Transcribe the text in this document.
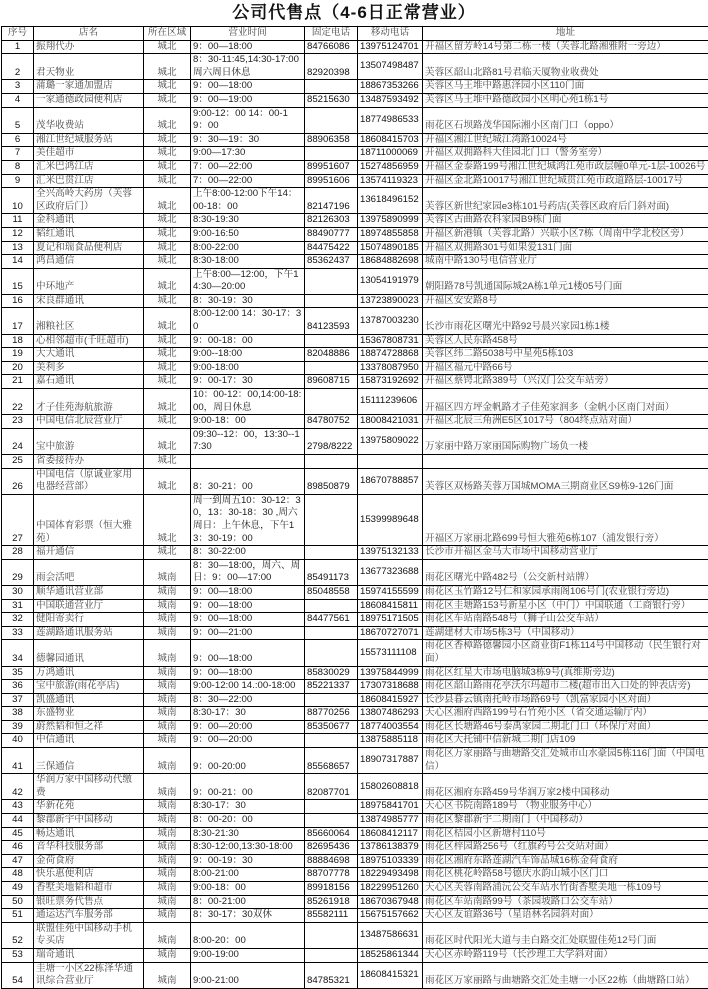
公司代售点（4-6日正常营业）
序号	店名	所在区域	营业时间	固定电话	移动电话	地址
1	振翔代办	城北	9：00—18:00	84766086	13975124701	开福区留芳岭14号第二栋一楼（芙蓉北路湘雅附一旁边）
2	君天物业	城北	8：30-11:45,14:30-17:00 周六周日休息	82920398	13507498487	芙蓉区韶山北路81号君临天厦物业收费处
3	蒲璐一家通加盟店	城北	9：00—18:00		18867353266	芙蓉区马王堆中路惠泽园小区110门面
4	一家通德政园便利店	城北	9：00—19:00	85215630	13487593492	芙蓉区马王堆中路德政园小区明心苑1栋1号
5	茂华收费站	城北	9:00-12：00 14：00-19：00		18774986533	雨花区石坝路茂华国际湘小区南门口（oppo）
6	湘江世纪城服务站	城北	9：30—19：30	88906358	18608415703	开福区湘江世纪城江湾路10024号
7	美佳超市	城北	9:00—17:30		18711000069	开福区双拥路科大佳园北门口（警务室旁）
8	汇米巴鸿江店	城北	7：00—22:00	89951607	15274856959	开福区金泰路199号湘江世纪城鸿江苑市政层幢0单元-1层-10026号
9	汇米巴贯江店	城北	7：00—22:00	89951606	13574119323	开福区金北路10017号湘江世纪城贯江苑市政道路层-10017号
10	全兴高岭大药房（芙蓉区政府后门）	城北	上午8:00-12:00下午14：00-18：00	82147196	13618496152	芙蓉区新世纪家园e3栋101号药店(芙蓉区政府后门斜对面)
11	金科通讯	城北	8:30-19:30	82126303	13975890999	芙蓉区古曲路农科家园B9栋门面
12	韬红通讯	城北	9:00-16:50	88490777	18974855858	开福区新港镇（芙蓉北路）兴联小区7栋（周南中学北校区旁）
13	夏记和瑞食品便利店	城北	8:00-22:00	84475422	15074890185	开福区双拥路301号如果爱131门面
14	鸿昌通信	城北	8:30-18:00	85362437	18684882698	城南中路130号电信营业厅
15	中环地产	城北	上午8:00—12:00，下午14:30—20:00		13054191979	朝阳路78号凯通国际城2A栋1单元1楼05号门面
16	宋良群通讯	城北	8：30-19：30		13723890023	开福区安安路8号
17	湘粮社区	城北	8:00-12:00 14：30-17：30	84123593	13787003230	长沙市雨花区曙光中路92号晨兴家园1栋1楼
18	心相邻超市(千旺超市)	城北	9：00-18：00		15367808731	芙蓉区人民东路458号
19	大大通讯	城北	9:00--18:00	82048886	18874728868	芙蓉区纬二路5038号中星苑5栋103
20	美利多	城北	9:00-18:00		13378087950	开福区福元中路66号
21	嘉石通讯	城北	9：00-17：30	89608715	15873192692	开福区蔡锷北路389号（兴汉门公交车站旁）
22	才子佳苑海航旅游	城北	10：00-12：00,14:00-18:00，周日休息		15111239606	开福区四方坪金帆路才子佳苑家润多（金帆小区南门对面）
23	中国电信北辰营业厅	城北	9:00-18：00	84780752	18008421031	开福区北辰三角洲E5区1017号（804终点站对面）
24	宝中旅游	城北	09:30--12：00，13:30--17:30	2798/8222	13975809022	万家丽中路万家丽国际购物广场负一楼
25	省委接待办	城北				
26	中国电信（原诚业家用电器经营部）	城北	8：30-21：00	89850879	18670788857	芙蓉区双杨路芙蓉万国城MOMA三期商业区S9栋9-126门面
27	中国体育彩票（恒大雅苑）	城北	周一到周五10：30-12：30，13：30-18：30 ,周六周日：上午休息，下午13：30-19：00		15399989648	开福区万家丽北路699号恒大雅苑6栋107（浦发银行旁）
28	福开通信	城北	8：30-22:00		13975132133	长沙市开福区金马大市场中国移动营业厅
29	雨会活吧	城南	8：30—18:00，周六、周日：9：00—17:00	85491173	13677323688	雨花区曙光中路482号（公交新村站牌）
30	顺华通讯营业部	城南	9：00—18:00	85048558	15974155599	雨花区玉竹路12号仁和家园承雨阁106号门(农业银行旁边)
31	中国联通营业厅	城南	9：00—18:00		18608415811	雨花区圭塘路153号新星小区（中门）中国联通（工商银行旁）
32	健阳寄卖行	城南	9：00—18:00	84477561	18975171505	雨花区车站南路548号（狮子山公交车站）
33	莲湖路通讯服务站	城南	9：00—21:00		18670727071	莲湖建材大市场5栋3号（中国移动）
34	德馨园通讯	城南	9：00—18:00		15573111108	雨花区香樟路德馨园小区商业街F1栋114号中国移动（民生银行对面）
35	万鸿通讯	城南	9：00—18:00	85830029	13975844999	雨花区红星大市场电脑城3栋9号(真维斯旁边)
36	宝中旅游(雨花亭店)	城南	9:00-12:00 14.:00-18:00	85221337	17307318688	雨花区韶山路雨花亭沃尔玛超市二楼(超市出入口处的钟表店旁)
37	凯盛通讯	城南	8：30—22:00		18608415927	长沙县暮云镇南托岭市场路69号（凯富家园小区对面）
38	东盛物业	城南	8:30-17：30	88770256	13807486293	天心区湘府西路199号石竹苑小区（省交通运输厅内）
39	蔚然韬和恒之祥	城南	9：00—20:00	85350677	18774003554	雨花区长塘路46号泰禹家园二期北门口（环保厅对面）
40	中信通讯	城南	9：00—20:00		13875885118	雨花区大托铺中信新城二期门店109
41	三保通信	城南	9：00-20:00	85568657	18907317887	雨花区万家丽路与曲塘路交汇处城市山水豪园5栋116门面（中国电信）
42	华润万家中国移动代缴费	城南	9：00-21：00	82087701	15802608818	雨花区湘府东路459号华润万家2楼中国移动
43	华新花苑	城南	8:30-17：30		18975841701	天心区书院南路189号 （物业服务中心）
44	黎郡新宇中国移动	城南	8：00-20：00		13874985777	雨花区黎郡新宇二期南门（中国移动）
45	畅达通讯	城南	8:30-21:30	85660064	18608412117	雨花区桔园小区新塘村110号
46	音华科技服务部	城南	8:30-12:00,13:30-18:00	82695436	13786138379	雨花区梓园路256号（红旗药号公交站对面）
47	金荷食府	城南	9：00-19：30	88884698	18975103339	雨花区湘府东路莲湖汽车饰品城16栋金荷食府
48	快乐惠便利店	城南	8:00-21:00	88707778	18229493498	雨花区桃花岭路58号德庆水韵山城小区门口
49	香墅美地韬和超市	城南	9:00-18：00	89918156	18229951260	天心区芙蓉南路浦沅公交车站水竹街香墅美地一栋109号
50	银旺票务代售点	城南	8：00-21:00	85261918	18670367948	雨花区车站南路99号（茶园坡路口公交车站）
51	通运达汽车服务部	城南	8：30-17：30双休	85582111	15675157662	天心区友谊路36号（星语林名园斜对面）
52	联盟佳苑中国移动手机专买店	城南	8:00-20：00		13487586631	雨花区时代阳光大道与圭白路交汇处联盟佳苑12号门面
53	瑞奇通讯	城南	9:00-19:00		18525861344	天心区赤岭路119号（长沙理工大学斜对面）
54	圭塘一小区22栋泽华通讯综合营业厅	城南	9:00-21:00	84785321	18608415321	雨花区万家丽路与曲塘路交汇处圭塘一小区22栋（曲塘路口站）
